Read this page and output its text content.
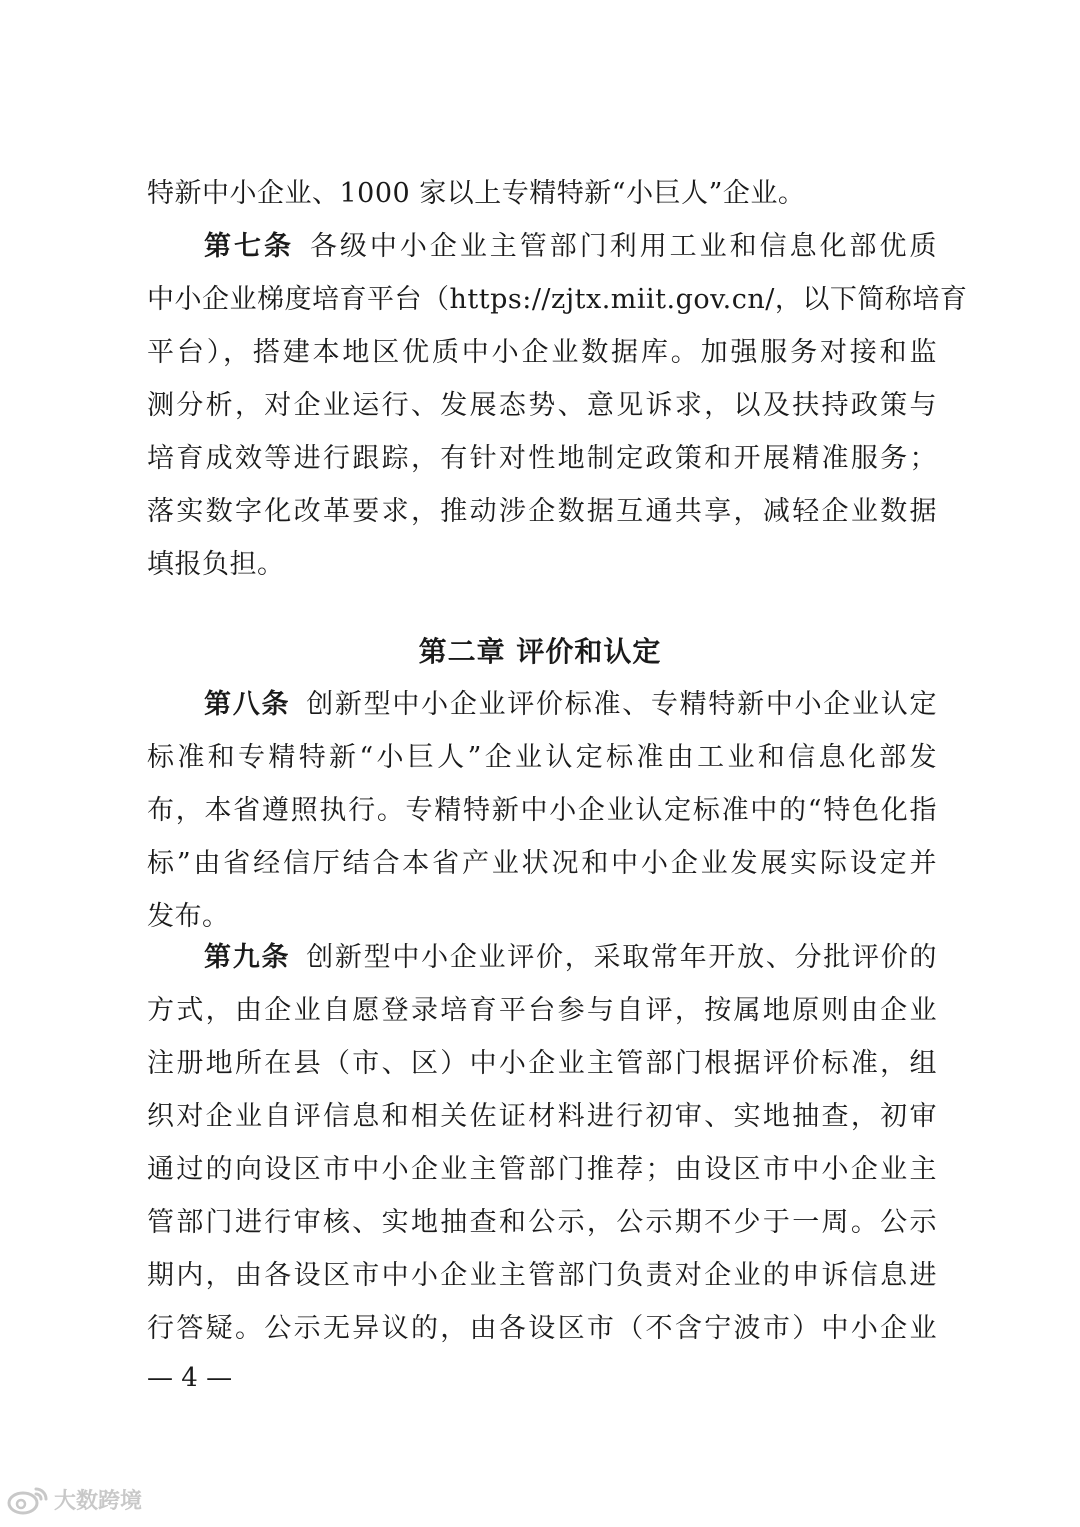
特新中小企业、1000 家以上专精特新“小巨人”企业。
第七条 各级中小企业主管部门利用工业和信息化部优质
中小企业梯度培育平台（https://zjtx.miit.gov.cn/，以下简称培育
平台），搭建本地区优质中小企业数据库。加强服务对接和监
测分析，对企业运行、发展态势、意见诉求，以及扶持政策与
培育成效等进行跟踪，有针对性地制定政策和开展精准服务；
落实数字化改革要求，推动涉企数据互通共享，减轻企业数据
填报负担。
第二章 评价和认定
第八条 创新型中小企业评价标准、专精特新中小企业认定
标准和专精特新“小巨人”企业认定标准由工业和信息化部发
布，本省遵照执行。专精特新中小企业认定标准中的“特色化指
标”由省经信厅结合本省产业状况和中小企业发展实际设定并
发布。
第九条 创新型中小企业评价，采取常年开放、分批评价的
方式，由企业自愿登录培育平台参与自评，按属地原则由企业
注册地所在县（市、区）中小企业主管部门根据评价标准，组
织对企业自评信息和相关佐证材料进行初审、实地抽查，初审
通过的向设区市中小企业主管部门推荐；由设区市中小企业主
管部门进行审核、实地抽查和公示，公示期不少于一周。公示
期内，由各设区市中小企业主管部门负责对企业的申诉信息进
行答疑。公示无异议的，由各设区市（不含宁波市）中小企业
— 4 —
大数跨境
